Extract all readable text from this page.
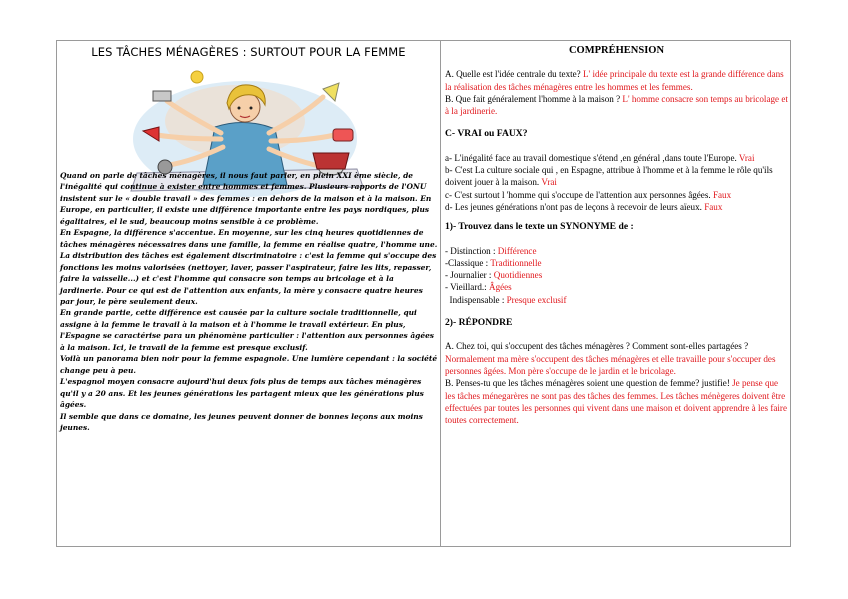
LES TÂCHES MÉNAGÈRES : SURTOUT POUR LA FEMME

Quand on parle de tâches ménagères, il nous faut parler, en plein XXI ème siècle, de l'inégalité qui continue à exister entre hommes et femmes. Plusieurs rapports de l'ONU insistent sur le « double travail » des femmes : en dehors de la maison et à la maison. En Europe, en particulier, il existe une différence importante entre les pays nordiques, plus égalitaires, el le sud, beaucoup moins sensible à ce problème.

En Espagne, la différence s'accentue. En moyenne, sur les cinq heures quotidiennes de tâches ménagères nécessaires dans une famille, la femme en réalise quatre, l'homme une. La distribution des tâches est également discriminatoire : c'est la femme qui s'occupe des fonctions les moins valorisées (nettoyer, laver, passer l'aspirateur, faire les lits, repasser, faire la vaisselle...) et c'est l'homme qui consacre son temps au bricolage et à la jardinerie. Pour ce qui est de l'attention aux enfants, la mère y consacre quatre heures par jour, le père seulement deux.

En grande partie, cette différence est causée par la culture sociale traditionnelle, qui assigne à la femme le travail à la maison et à l'homme le travail extérieur. En plus, l'Espagne se caractérise para un phénomène particulier : l'attention aux personnes âgées à la maison. Ici, le travail de la femme est presque exclusif.

Voilà un panorama bien noir pour la femme espagnole. Une lumière cependant : la société change peu à peu.

L'espagnol moyen consacre aujourd'hui deux fois plus de temps aux tâches ménagères qu'il y a 20 ans. Et les jeunes générations les partagent mieux que les générations plus âgées.

Il semble que dans ce domaine, les jeunes peuvent donner de bonnes leçons aux moins jeunes.

COMPRÉHENSION

A. Quelle est l'idée centrale du texte? L' idée principale du texte est la grande différence dans la réalisation des tâches ménagères entre les hommes et les femmes.

B. Que fait généralement l'homme à la maison ? L' homme consacre son temps au bricolage et à la jardinerie.

C- VRAI ou FAUX?

a- L'inégalité face au travail domestique s'étend ,en général ,dans toute l'Europe. Vrai

b- C'est La culture sociale qui , en Espagne, attribue à l'homme et à la femme le rôle qu'ils doivent jouer à la maison. Vrai

c- C'est surtout l 'homme qui s'occupe de l'attention aux personnes âgées. Faux

d- Les jeunes générations n'ont pas de leçons à recevoir de leurs aïeux. Faux

1)- Trouvez dans le texte un SYNONYME de :

- Distinction : Différence

-Classique : Traditionnelle

- Journalier : Quotidiennes

- Vieillard.: Âgées

Indispensable : Presque exclusif

2)- RÉPONDRE

A. Chez toi, qui s'occupent des tâches ménagères ? Comment sont-elles partagées ? Normalement ma mère s'occupent des tâches ménagères et elle travaille pour s'occuper des personnes âgées. Mon père s'occupe de le jardin et le bricolage.

B. Penses-tu que les tâches ménagères soient une question de femme? justifie! Je pense que les tâches ménegarères ne sont pas des tâches des femmes. Les tâches ménègeres doivent être effectuées par toutes les personnes qui vivent dans une maison et doivent apprendre à les faire toutes correctement.
